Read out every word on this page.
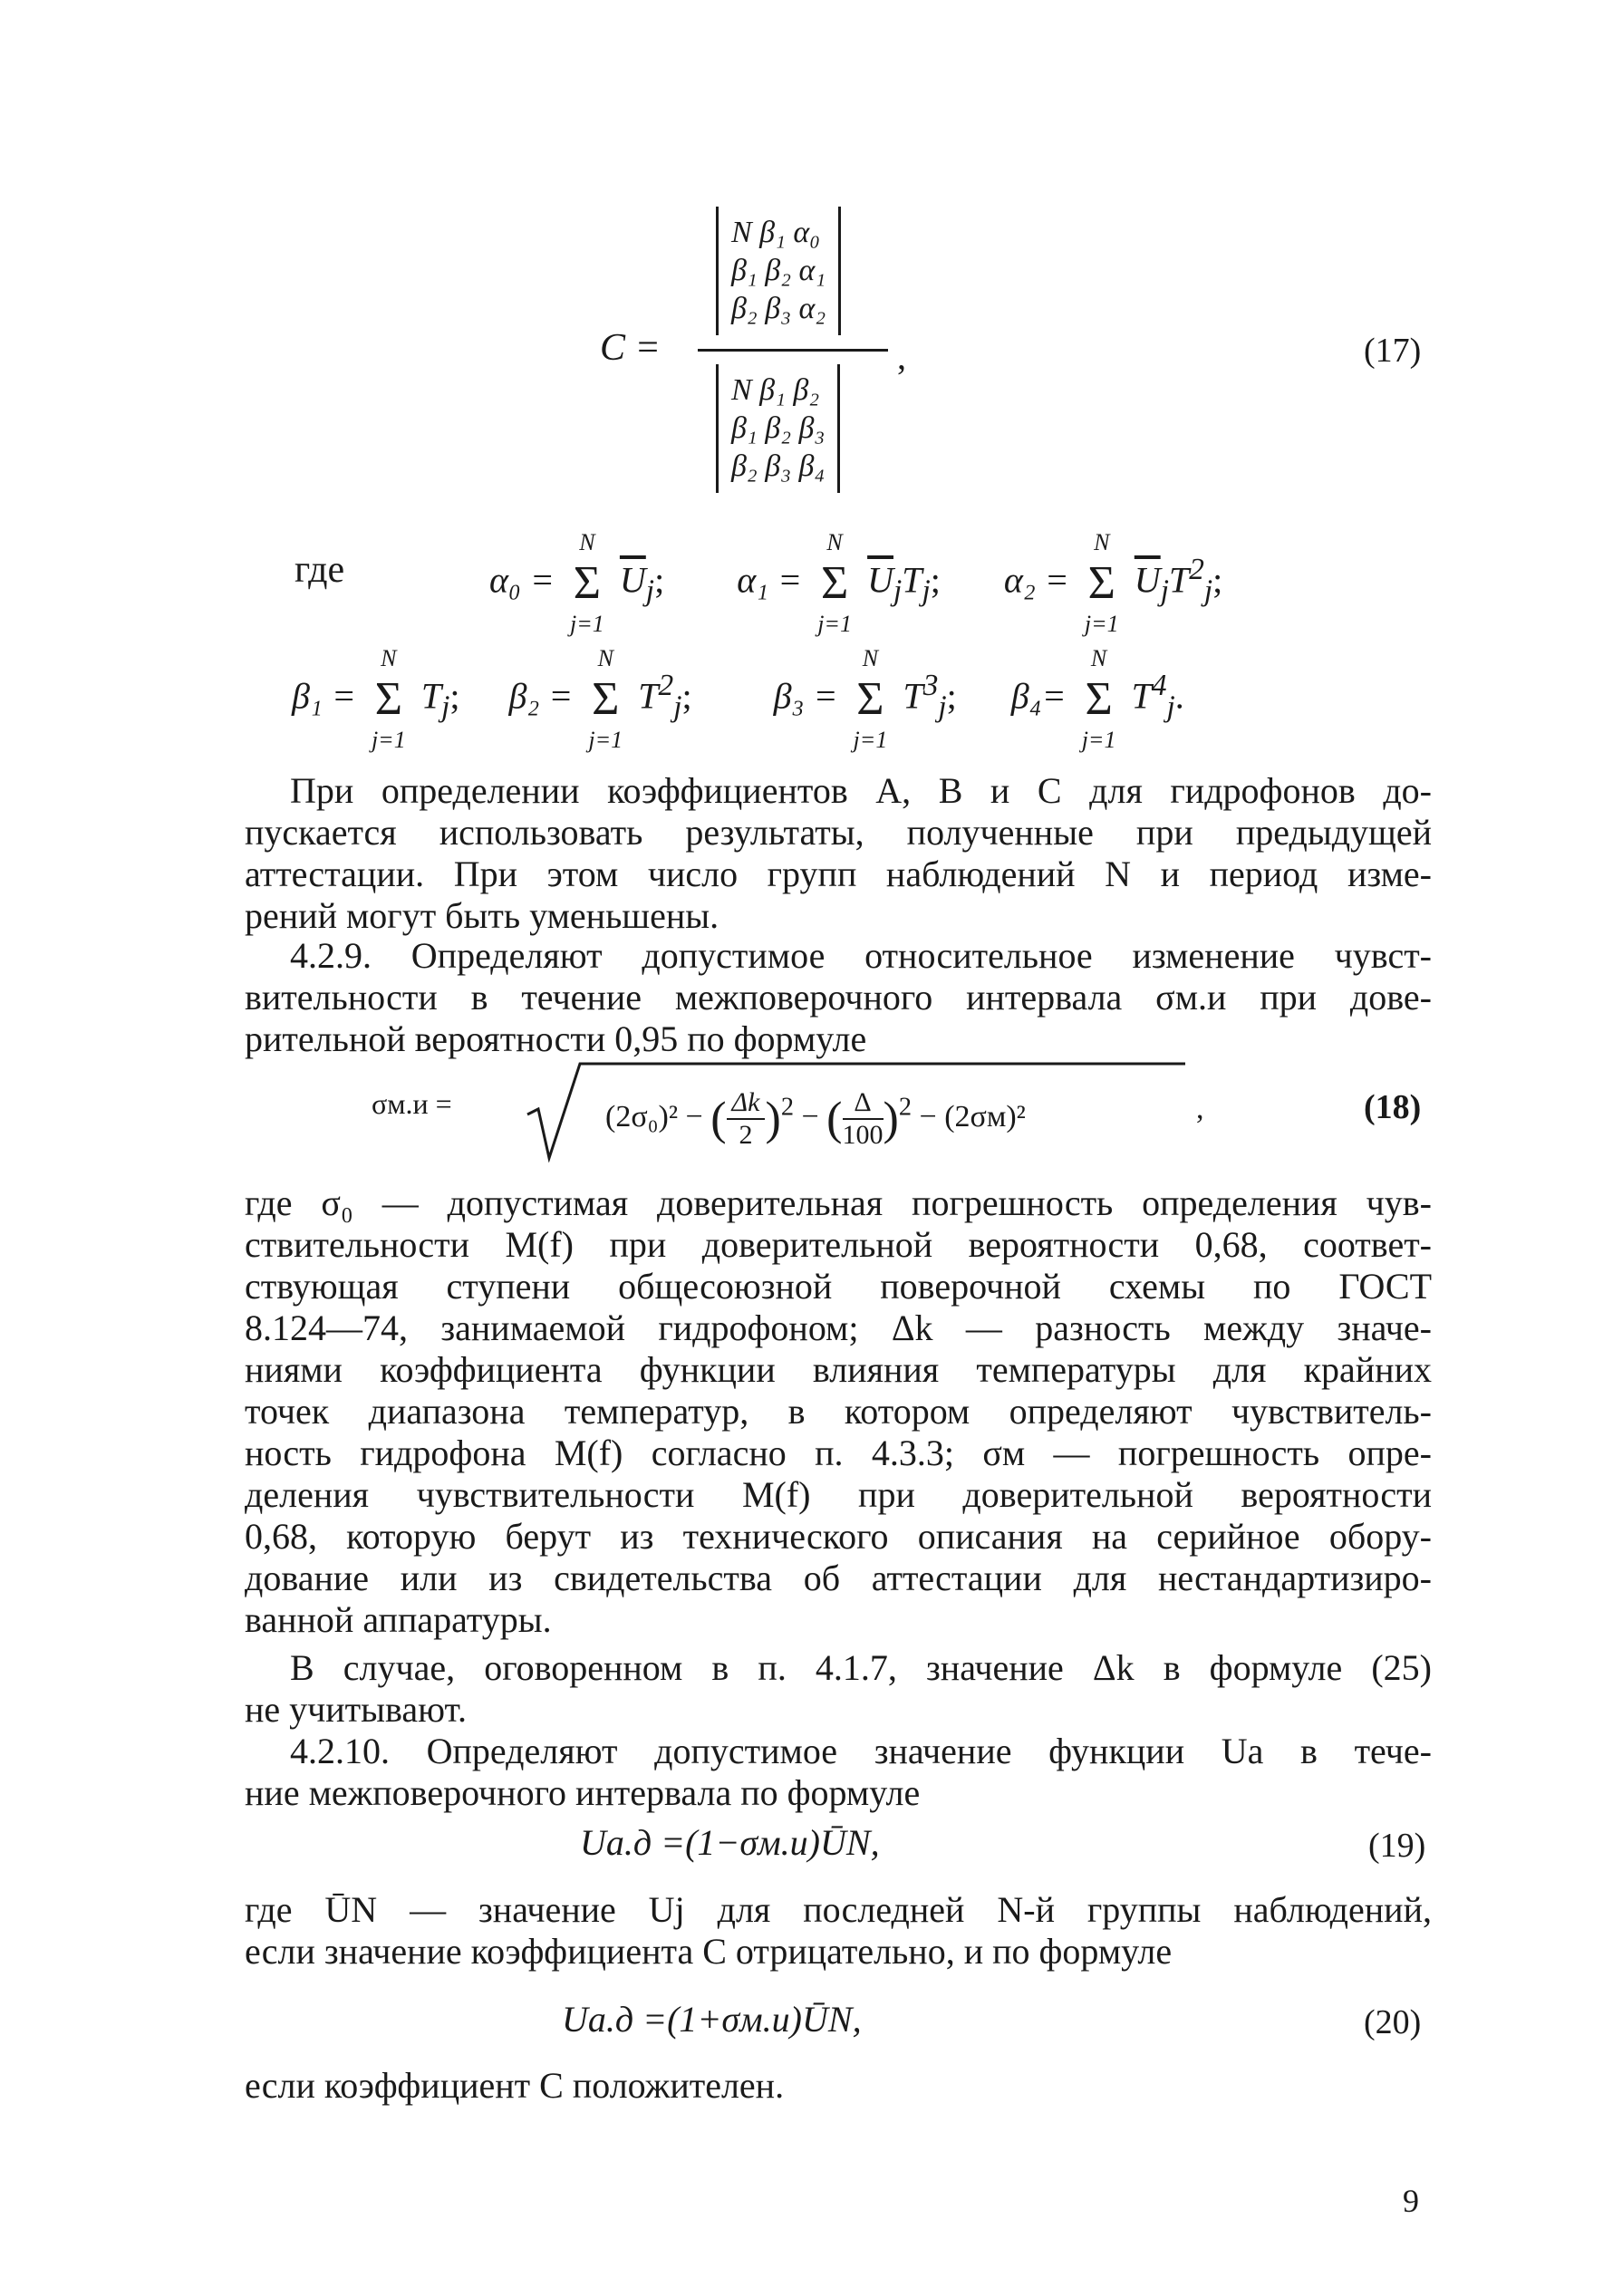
C =
N β₁ α₀
β₁ β₂ α₁
β₂ β₃ α₂
,
N β₁ β₂
β₁ β₂ β₃
β₂ β₃ β₄
(17)
где	α₀ =
N
Σ
j=1
$\overline{U}_j$; α₁ =
N
Σ
j=1
$\overline{U}_jT_j$; α₂ =
N
Σ
j=1
$\overline{U}_jT^2_j$;
β₁ =
N
Σ
j=1
$T_j$; β₂ =
N
Σ
j=1
$T^2_j$; β₃ =
N
Σ
j=1
$T^3_j$; β₄=
N
Σ
j=1
$T^4_j$.
При определении коэффициентов А, В и С для гидрофонов до-
пускается использовать результаты, полученные при предыдущей
аттестации. При этом число групп наблюдений N и период изме-
рений могут быть уменьшены.
4.2.9. Определяют допустимое относительное изменение чувст-
вительности в течение межповерочного интервала σм.и при дове-
рительной вероятности 0,95 по формуле
σм.и =	(2σ₀)² − ( $\frac{\Delta k}{2} )^2$ − ( $\frac{\Delta}{100} )^2 - (2\sigma м)^2$	,	(18)
где σ₀ — допустимая доверительная погрешность определения чув-
ствительности M(f) при доверительной вероятности 0,68, соответ-
ствующая ступени общесоюзной поверочной схемы по ГОСТ
8.124—74, занимаемой гидрофоном; Δk — разность между значе-
ниями коэффициента функции влияния температуры для крайних
точек диапазона температур, в котором определяют чувствитель-
ность гидрофона M(f) согласно п. 4.3.3; σм — погрешность опре-
деления чувствительности M(f) при доверительной вероятности
0,68, которую берут из технического описания на серийное обору-
дование или из свидетельства об аттестации для нестандартизиро-
ванной аппаратуры.
В случае, оговоренном в п. 4.1.7, значение Δk в формуле (25)
не учитывают.
4.2.10. Определяют допустимое значение функции Uа в тече-
ние межповерочного интервала по формуле
Uа.д =(1−σм.и)ŪN,	(19)
где ŪN — значение Uj для последней N-й группы наблюдений,
если значение коэффициента C отрицательно, и по формуле
Uа.д =(1+σм.и)ŪN,	(20)
если коэффициент C положителен.
9
